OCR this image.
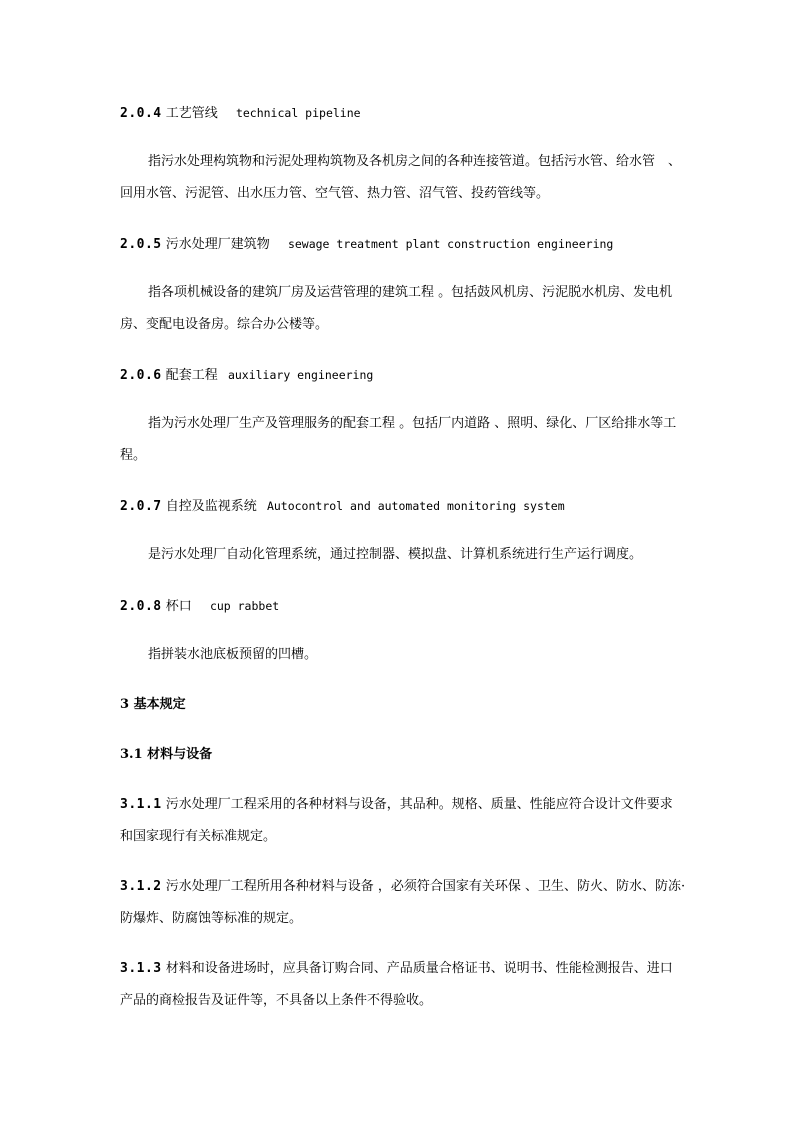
2.0.4 工艺管线 technical pipeline
指污水处理构筑物和污泥处理构筑物及各机房之间的各种连接管道。包括污水管、给水管　、
回用水管、污泥管、出水压力管、空气管、热力管、沼气管、投药管线等。
2.0.5 污水处理厂建筑物 sewage treatment plant construction engineering
指各项机械设备的建筑厂房及运营管理的建筑工程 。包括鼓风机房、污泥脱水机房、发电机
房、变配电设备房。综合办公楼等。
2.0.6 配套工程 auxiliary engineering
指为污水处理厂生产及管理服务的配套工程 。包括厂内道路 、照明、绿化、厂区给排水等工
程。
2.0.7 自控及监视系统 Autocontrol and automated monitoring system
是污水处理厂自动化管理系统，通过控制器、模拟盘、计算机系统进行生产运行调度。
2.0.8 杯口 cup rabbet
指拼装水池底板预留的凹槽。
3 基本规定
3.1 材料与设备
3.1.1 污水处理厂工程采用的各种材料与设备，其品种。规格、质量、性能应符合设计文件要求
和国家现行有关标准规定。
3.1.2 污水处理厂工程所用各种材料与设备 ，必须符合国家有关环保 、卫生、防火、防水、防冻·
防爆炸、防腐蚀等标准的规定。
3.1.3 材料和设备进场时，应具备订购合同、产品质量合格证书、说明书、性能检测报告、进口
产品的商检报告及证件等，不具备以上条件不得验收。
